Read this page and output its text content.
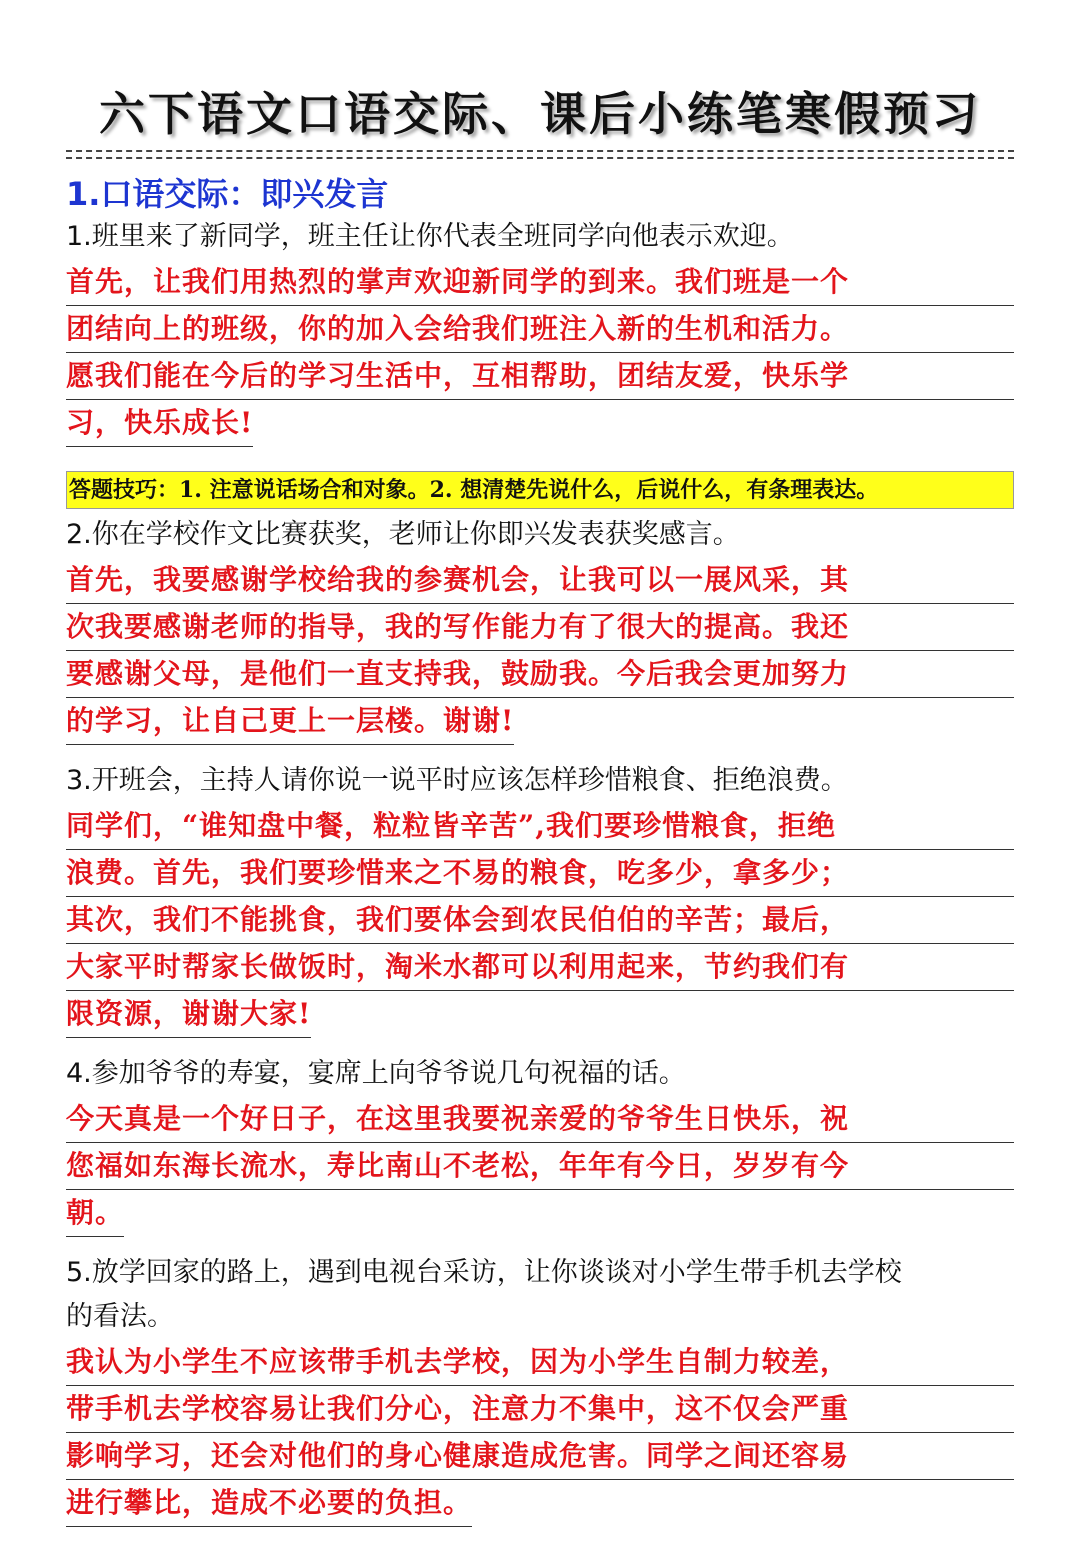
六下语文口语交际、课后小练笔寒假预习
1.口语交际：即兴发言
1.班里来了新同学，班主任让你代表全班同学向他表示欢迎。
首先，让我们用热烈的掌声欢迎新同学的到来。我们班是一个
团结向上的班级，你的加入会给我们班注入新的生机和活力。
愿我们能在今后的学习生活中，互相帮助，团结友爱，快乐学
习，快乐成长!
答题技巧：1. 注意说话场合和对象。2. 想清楚先说什么，后说什么，有条理表达。
2.你在学校作文比赛获奖，老师让你即兴发表获奖感言。
首先，我要感谢学校给我的参赛机会，让我可以一展风采，其
次我要感谢老师的指导，我的写作能力有了很大的提高。我还
要感谢父母，是他们一直支持我，鼓励我。今后我会更加努力
的学习，让自己更上一层楼。谢谢!
3.开班会，主持人请你说一说平时应该怎样珍惜粮食、拒绝浪费。
同学们，“谁知盘中餐，粒粒皆辛苦”,我们要珍惜粮食，拒绝
浪费。首先，我们要珍惜来之不易的粮食，吃多少，拿多少；
其次，我们不能挑食，我们要体会到农民伯伯的辛苦；最后，
大家平时帮家长做饭时，淘米水都可以利用起来，节约我们有
限资源，谢谢大家!
4.参加爷爷的寿宴，宴席上向爷爷说几句祝福的话。
今天真是一个好日子，在这里我要祝亲爱的爷爷生日快乐，祝
您福如东海长流水，寿比南山不老松，年年有今日，岁岁有今
朝。
5.放学回家的路上，遇到电视台采访，让你谈谈对小学生带手机去学校
的看法。
我认为小学生不应该带手机去学校，因为小学生自制力较差，
带手机去学校容易让我们分心，注意力不集中，这不仅会严重
影响学习，还会对他们的身心健康造成危害。同学之间还容易
进行攀比，造成不必要的负担。
